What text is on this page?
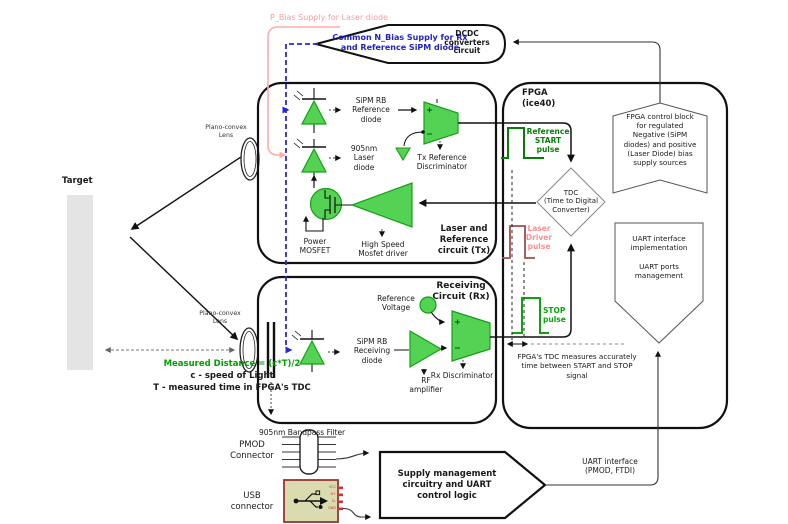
P_Bias Supply for Laser diode
Common N_Bias Supply for Rx
and Reference SiPM diode
DCDC
converters
circuit
Target
Plano-convex
Lens
Plano-convex
Lens
Measured Distance = (c*T)/2
c - speed of Light
T - measured time in FPGA's TDC
905nm Bandpass Filter
SiPM RB
Reference
diode
905nm
Laser
diode
Tx Reference
Discriminator
Power
MOSFET
High Speed
Mosfet driver
Laser and
Reference
circuit (Tx)
Receiving
Circuit (Rx)
Reference
Voltage
SiPM RB
Receiving
diode
RF
amplifier
Rx Discriminator
FPGA
(ice40)
Reference
START
pulse
TDC
(Time to Digital
Converter)
Laser
Driver
pulse
STOP
pulse
FPGA's TDC measures accurately
time between START and STOP
signal
FPGA control block
for regulated
Negative (SiPM
diodes) and positive
(Laser Diode) bias
supply sources
UART interface
implementation

UART ports
management
PMOD
Connector
USB
connector
Supply management
circuitry and UART
control logic
UART interface
(PMOD, FTDI)
VCC
D+
D-
GND
